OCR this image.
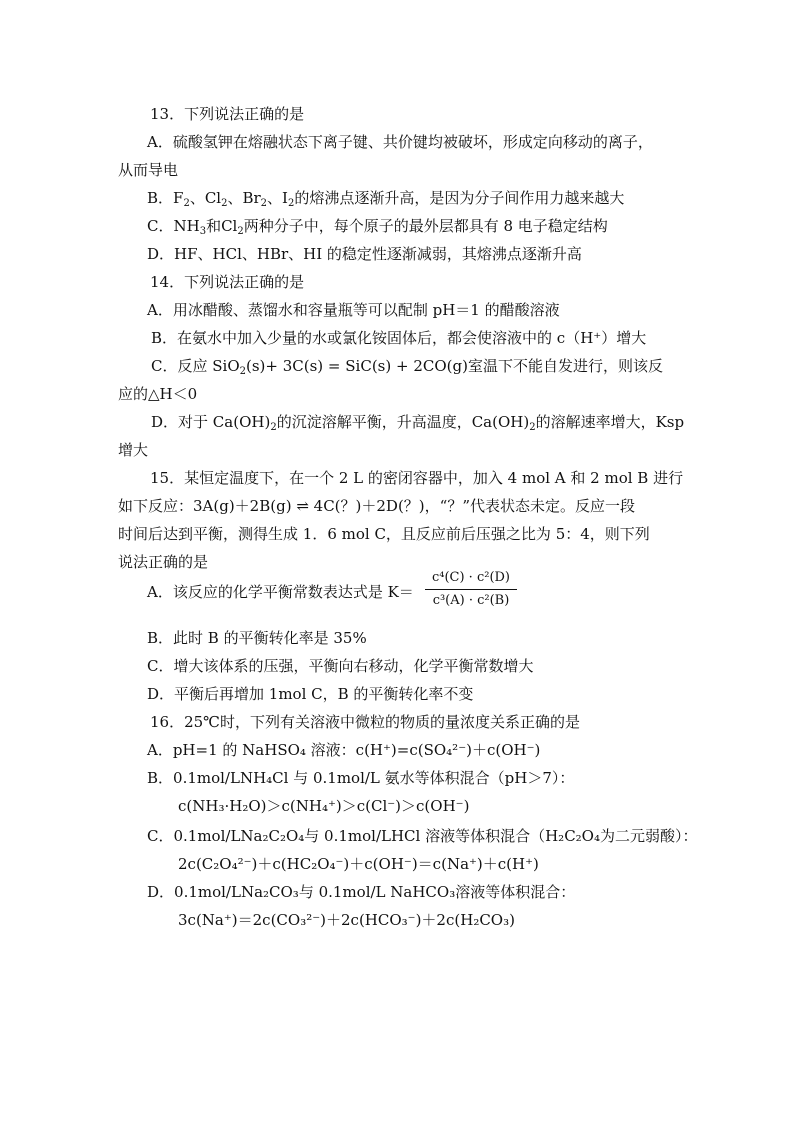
13．下列说法正确的是
A．硫酸氢钾在熔融状态下离子键、共价键均被破坏，形成定向移动的离子，
从而导电
B．$F_2$、$Cl_2$、$Br_2$、$I_2$的熔沸点逐渐升高，是因为分子间作用力越来越大
C．$NH_3$和$Cl_2$两种分子中，每个原子的最外层都具有 8 电子稳定结构
D．HF、HCl、HBr、HI 的稳定性逐渐减弱，其熔沸点逐渐升高
14．下列说法正确的是
A．用冰醋酸、蒸馏水和容量瓶等可以配制 pH＝1 的醋酸溶液
B．在氨水中加入少量的水或氯化铵固体后，都会使溶液中的 c（H⁺）增大
C．反应 SiO$_2$(s)+ 3C(s) = SiC(s) + 2CO(g)室温下不能自发进行，则该反
应的△H＜0
D．对于 $Ca(OH)_2$的沉淀溶解平衡，升高温度，$Ca(OH)_2$的溶解速率增大，Ksp
增大
15．某恒定温度下，在一个 2 L 的密闭容器中，加入 4 mol A 和 2 mol B 进行
如下反应：3A(g)＋2B(g) ⇌ 4C(？)＋2D(？)，“？”代表状态未定。反应一段
时间后达到平衡，测得生成 1．6 mol C，且反应前后压强之比为 5：4，则下列
说法正确的是
A．该反应的化学平衡常数表达式是 K＝
c⁴(C) · c²(D)
c³(A) · c²(B)
B．此时 B 的平衡转化率是 35%
C．增大该体系的压强，平衡向右移动，化学平衡常数增大
D．平衡后再增加 1mol C，B 的平衡转化率不变
16．25℃时，下列有关溶液中微粒的物质的量浓度关系正确的是
A．pH=1 的 NaHSO₄ 溶液：c(H⁺)=c(SO₄²⁻)＋c(OH⁻)
B．0.1mol/LNH₄Cl 与 0.1mol/L 氨水等体积混合（pH＞7）：
c(NH₃·H₂O)＞c(NH₄⁺)＞c(Cl⁻)＞c(OH⁻)
C．0.1mol/LNa₂C₂O₄与 0.1mol/LHCl 溶液等体积混合（H₂C₂O₄为二元弱酸）：
2c(C₂O₄²⁻)＋c(HC₂O₄⁻)＋c(OH⁻)＝c(Na⁺)＋c(H⁺)
D．0.1mol/LNa₂CO₃与 0.1mol/L NaHCO₃溶液等体积混合：
3c(Na⁺)＝2c(CO₃²⁻)＋2c(HCO₃⁻)＋2c(H₂CO₃)
